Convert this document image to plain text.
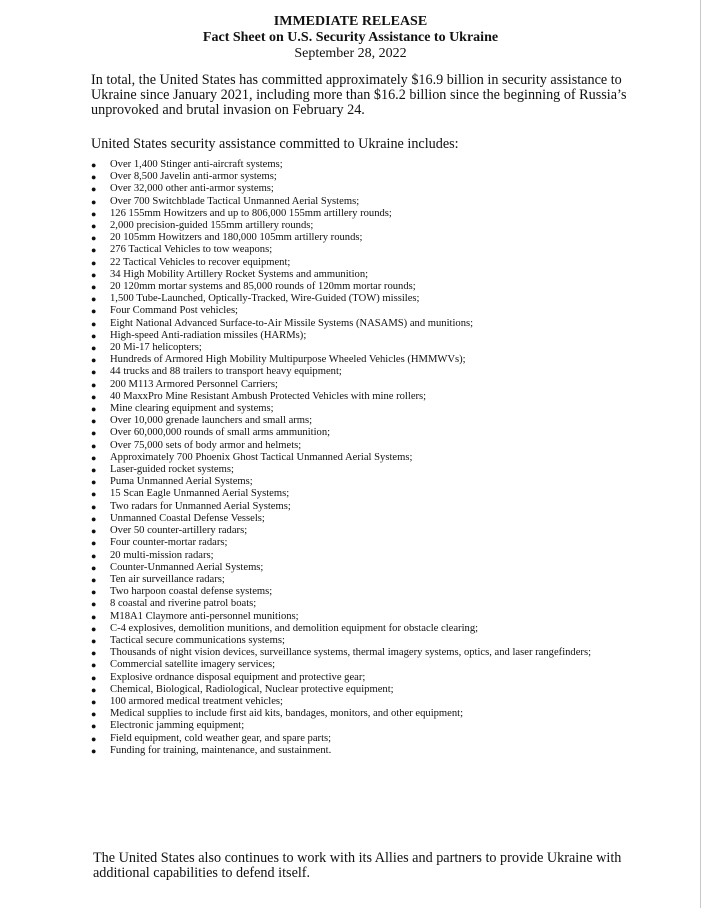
IMMEDIATE RELEASE
Fact Sheet on U.S. Security Assistance to Ukraine
September 28, 2022

In total, the United States has committed approximately $16.9 billion in security assistance to Ukraine since January 2021, including more than $16.2 billion since the beginning of Russia’s unprovoked and brutal invasion on February 24.

United States security assistance committed to Ukraine includes:

● Over 1,400 Stinger anti-aircraft systems;
● Over 8,500 Javelin anti-armor systems;
● Over 32,000 other anti-armor systems;
● Over 700 Switchblade Tactical Unmanned Aerial Systems;
● 126 155mm Howitzers and up to 806,000 155mm artillery rounds;
● 2,000 precision-guided 155mm artillery rounds;
● 20 105mm Howitzers and 180,000 105mm artillery rounds;
● 276 Tactical Vehicles to tow weapons;
● 22 Tactical Vehicles to recover equipment;
● 34 High Mobility Artillery Rocket Systems and ammunition;
● 20 120mm mortar systems and 85,000 rounds of 120mm mortar rounds;
● 1,500 Tube-Launched, Optically-Tracked, Wire-Guided (TOW) missiles;
● Four Command Post vehicles;
● Eight National Advanced Surface-to-Air Missile Systems (NASAMS) and munitions;
● High-speed Anti-radiation missiles (HARMs);
● 20 Mi-17 helicopters;
● Hundreds of Armored High Mobility Multipurpose Wheeled Vehicles (HMMWVs);
● 44 trucks and 88 trailers to transport heavy equipment;
● 200 M113 Armored Personnel Carriers;
● 40 MaxxPro Mine Resistant Ambush Protected Vehicles with mine rollers;
● Mine clearing equipment and systems;
● Over 10,000 grenade launchers and small arms;
● Over 60,000,000 rounds of small arms ammunition;
● Over 75,000 sets of body armor and helmets;
● Approximately 700 Phoenix Ghost Tactical Unmanned Aerial Systems;
● Laser-guided rocket systems;
● Puma Unmanned Aerial Systems;
● 15 Scan Eagle Unmanned Aerial Systems;
● Two radars for Unmanned Aerial Systems;
● Unmanned Coastal Defense Vessels;
● Over 50 counter-artillery radars;
● Four counter-mortar radars;
● 20 multi-mission radars;
● Counter-Unmanned Aerial Systems;
● Ten air surveillance radars;
● Two harpoon coastal defense systems;
● 8 coastal and riverine patrol boats;
● M18A1 Claymore anti-personnel munitions;
● C-4 explosives, demolition munitions, and demolition equipment for obstacle clearing;
● Tactical secure communications systems;
● Thousands of night vision devices, surveillance systems, thermal imagery systems, optics, and laser rangefinders;
● Commercial satellite imagery services;
● Explosive ordnance disposal equipment and protective gear;
● Chemical, Biological, Radiological, Nuclear protective equipment;
● 100 armored medical treatment vehicles;
● Medical supplies to include first aid kits, bandages, monitors, and other equipment;
● Electronic jamming equipment;
● Field equipment, cold weather gear, and spare parts;
● Funding for training, maintenance, and sustainment.

The United States also continues to work with its Allies and partners to provide Ukraine with additional capabilities to defend itself.
